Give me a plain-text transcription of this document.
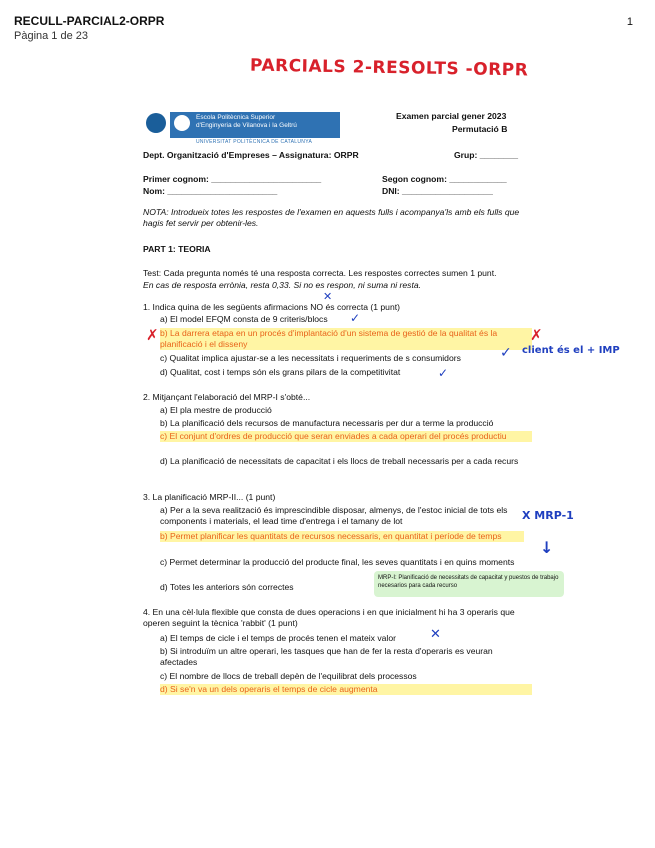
RECULL-PARCIAL2-ORPR
Pàgina 1 de 23
1
PARCIALS 2-RESOLTS -ORPR
Escola Politècnica Superior
d'Enginyeria de Vilanova i la Geltrú
UNIVERSITAT POLITÈCNICA DE CATALUNYA
Examen parcial gener 2023
Permutació B
Dept. Organització d'Empreses – Assignatura: ORPR	Grup: ________
Primer cognom: _______________________	Segon cognom: ____________
Nom: _______________________	DNI: ___________________
NOTA: Introdueix totes les respostes de l'examen en aquests fulls i acompanya'ls amb els fulls que hagis fet servir per obtenir-les.
PART 1: TEORIA
Test: Cada pregunta només té una resposta correcta. Les respostes correctes sumen 1 punt.
En cas de resposta errònia, resta 0,33. Si no es respon, ni suma ni resta.
1. Indica quina de les següents afirmacions NO és correcta (1 punt)
✕
a) El model EFQM consta de 9 criteris/blocs	✓
✗ b) La darrera etapa en un procés d'implantació d'un sistema de gestió de la qualitat és la planificació i el disseny	✗
c) Qualitat implica ajustar-se a les necessitats i requeriments de s consumidors	✓ client és el + IMP
d) Qualitat, cost i temps són els grans pilars de la competitivitat	✓
2. Mitjançant l'elaboració del MRP-I s'obté...
a) El pla mestre de producció
b) La planificació dels recursos de manufactura necessaris per dur a terme la producció
c) El conjunt d'ordres de producció que seran enviades a cada operari del procés productiu
d) La planificació de necessitats de capacitat i els llocs de treball necessaris per a cada recurs
3. La planificació MRP-II... (1 punt)
a) Per a la seva realització és imprescindible disposar, almenys, de l'estoc inicial de tots els components i materials, el lead time d'entrega i el tamany de lot	X MRP-1
b) Permet planificar les quantitats de recursos necessaris, en quantitat i període de temps
↓
c) Permet determinar la producció del producte final, les seves quantitats i en quins moments
d) Totes les anteriors són correctes
MRP-I: Planificació de necessitats de capacitat y puestos de trabajo necesarios para cada recurso
4. En una cèl·lula flexible que consta de dues operacions i en que inicialment hi ha 3 operaris que operen seguint la tècnica 'rabbit' (1 punt)
a) El temps de cicle i el temps de procés tenen el mateix valor	✕
b) Si introduïm un altre operari, les tasques que han de fer la resta d'operaris es veuran afectades
c) El nombre de llocs de treball depèn de l'equilibrat dels processos
d) Si se'n va un dels operaris el temps de cicle augmenta
